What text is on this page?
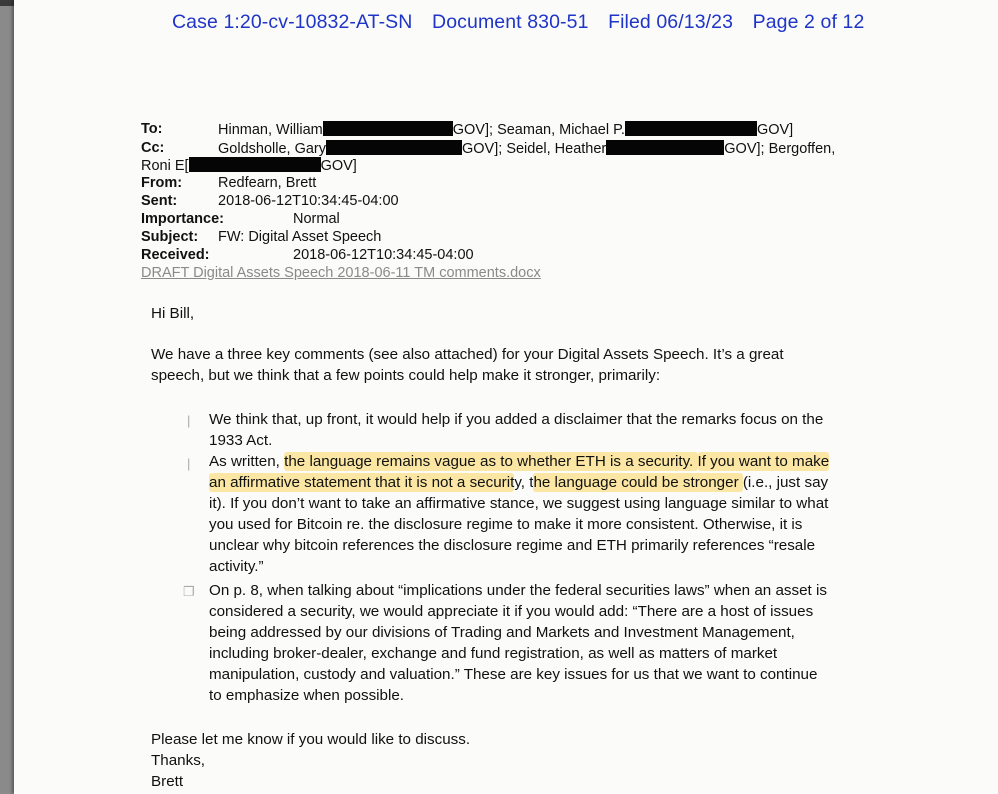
Case 1:20-cv-10832-AT-SN Document 830-51 Filed 06/13/23 Page 2 of 12
To:	Hinman, William	GOV]; Seaman, Michael P.	GOV]
Cc:	Goldsholle, Gary	GOV]; Seidel, Heather	GOV]; Bergoffen,
Roni E[	GOV]
From: Redfearn, Brett
Sent:	2018-06-12T10:34:45-04:00
Importance:	Normal
Subject: FW: Digital Asset Speech
Received:	2018-06-12T10:34:45-04:00
DRAFT Digital Assets Speech 2018-06-11 TM comments.docx
Hi Bill,
We have a three key comments (see also attached) for your Digital Assets Speech. It’s a great
speech, but we think that a few points could help make it stronger, primarily:
| We think that, up front, it would help if you added a disclaimer that the remarks focus on the
1933 Act.
| As written, the language remains vague as to whether ETH is a security. If you want to make
an affirmative statement that it is not a security, the language could be stronger (i.e., just say
it). If you don’t want to take an affirmative stance, we suggest using language similar to what
you used for Bitcoin re. the disclosure regime to make it more consistent. Otherwise, it is
unclear why bitcoin references the disclosure regime and ETH primarily references “resale
activity.”
❒ On p. 8, when talking about “implications under the federal securities laws” when an asset is
considered a security, we would appreciate it if you would add: “There are a host of issues
being addressed by our divisions of Trading and Markets and Investment Management,
including broker-dealer, exchange and fund registration, as well as matters of market
manipulation, custody and valuation.” These are key issues for us that we want to continue
to emphasize when possible.
Please let me know if you would like to discuss.
Thanks,
Brett
